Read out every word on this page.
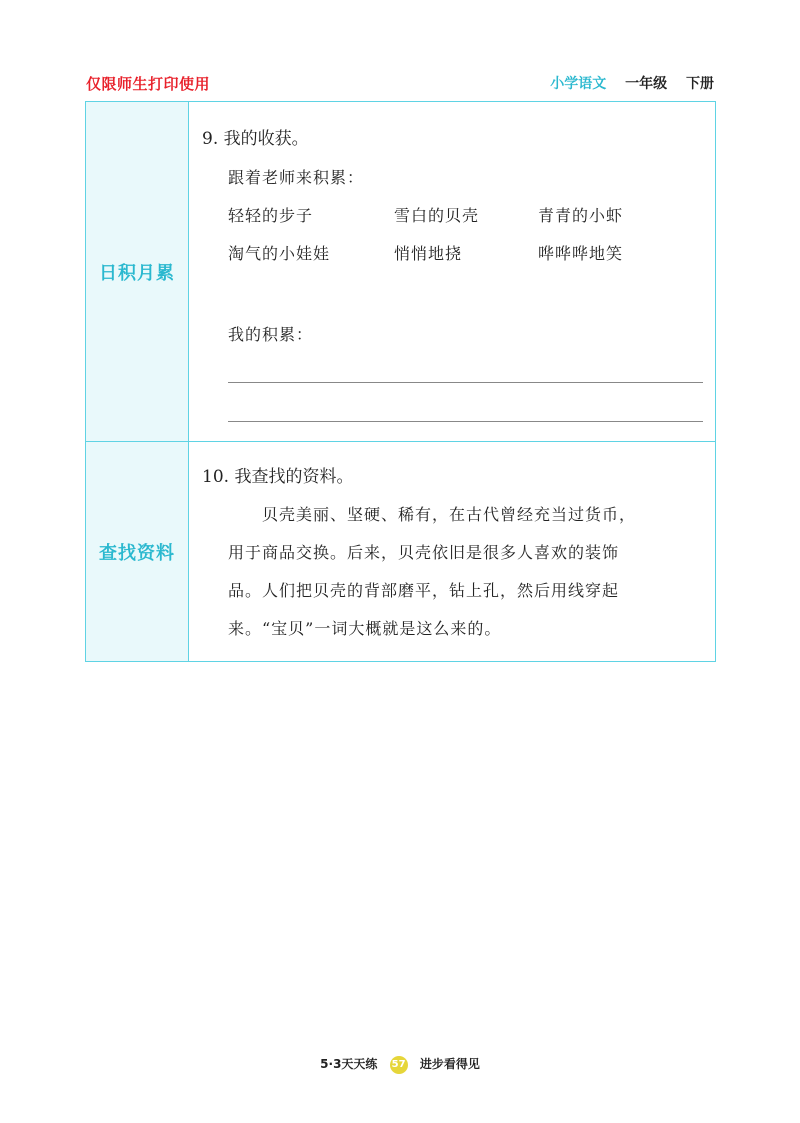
仅限师生打印使用	小学语文 一年级 下册
日积月累
9. 我的收获。
跟着老师来积累：
轻轻的步子	雪白的贝壳	青青的小虾
淘气的小娃娃	悄悄地挠	哗哗哗地笑
我的积累：
查找资料
10. 我查找的资料。
贝壳美丽、坚硬、稀有，在古代曾经充当过货币，
用于商品交换。后来，贝壳依旧是很多人喜欢的装饰
品。人们把贝壳的背部磨平，钻上孔，然后用线穿起
来。“宝贝”一词大概就是这么来的。
5·3天天练 57 进步看得见
